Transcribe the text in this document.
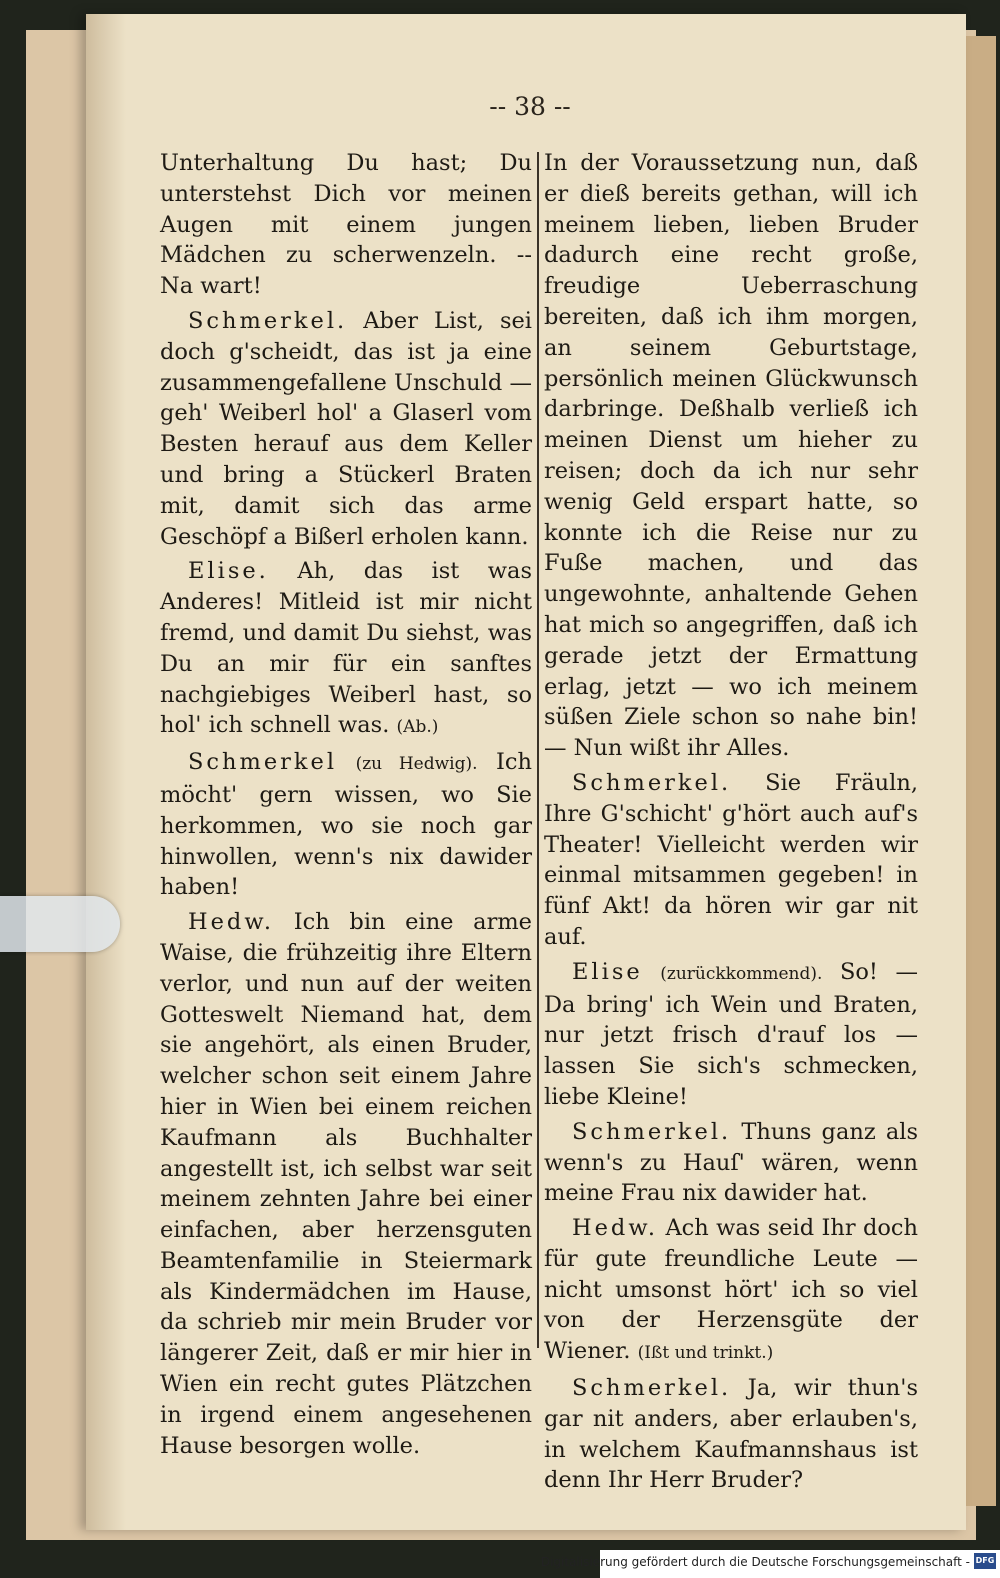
-- 38 --

Unterhaltung Du hast; Du unterstehst Dich vor meinen Augen mit einem jungen Mädchen zu scherwenzeln. -- Na wart!

Schmerkel. Aber List, sei doch g'scheidt, das ist ja eine zusammengefallene Unschuld — geh' Weiberl hol' a Glaserl vom Besten herauf aus dem Keller und bring a Stückerl Braten mit, damit sich das arme Geschöpf a Bißerl erholen kann.

Elise. Ah, das ist was Anderes! Mitleid ist mir nicht fremd, und damit Du siehst, was Du an mir für ein sanftes nachgiebiges Weiberl hast, so hol' ich schnell was. (Ab.)

Schmerkel (zu Hedwig). Ich möcht' gern wissen, wo Sie herkommen, wo sie noch gar hinwollen, wenn's nix dawider haben!

Hedw. Ich bin eine arme Waise, die frühzeitig ihre Eltern verlor, und nun auf der weiten Gotteswelt Niemand hat, dem sie angehört, als einen Bruder, welcher schon seit einem Jahre hier in Wien bei einem reichen Kaufmann als Buchhalter angestellt ist, ich selbst war seit meinem zehnten Jahre bei einer einfachen, aber herzensguten Beamtenfamilie in Steiermark als Kindermädchen im Hause, da schrieb mir mein Bruder vor längerer Zeit, daß er mir hier in Wien ein recht gutes Plätzchen in irgend einem angesehenen Hause besorgen wolle.

In der Voraussetzung nun, daß er dieß bereits gethan, will ich meinem lieben, lieben Bruder dadurch eine recht große, freudige Ueberraschung bereiten, daß ich ihm morgen, an seinem Geburtstage, persönlich meinen Glückwunsch darbringe. Deßhalb verließ ich meinen Dienst um hieher zu reisen; doch da ich nur sehr wenig Geld erspart hatte, so konnte ich die Reise nur zu Fuße machen, und das ungewohnte, anhaltende Gehen hat mich so angegriffen, daß ich gerade jetzt der Ermattung erlag, jetzt — wo ich meinem süßen Ziele schon so nahe bin! — Nun wißt ihr Alles.

Schmerkel. Sie Fräuln, Ihre G'schicht' g'hört auch auf's Theater! Vielleicht werden wir einmal mitsammen gegeben! in fünf Akt! da hören wir gar nit auf.

Elise (zurückkommend). So! — Da bring' ich Wein und Braten, nur jetzt frisch d'rauf los — lassen Sie sich's schmecken, liebe Kleine!

Schmerkel. Thuns ganz als wenn's zu Hauſ' wären, wenn meine Frau nix dawider hat.

Hedw. Ach was seid Ihr doch für gute freundliche Leute — nicht umsonst hört' ich so viel von der Herzensgüte der Wiener. (Ißt und trinkt.)

Schmerkel. Ja, wir thun's gar nit anders, aber erlauben's, in welchem Kaufmannshaus ist denn Ihr Herr Bruder?

Digitalisierung gefördert durch die Deutsche Forschungsgemeinschaft - DFG
